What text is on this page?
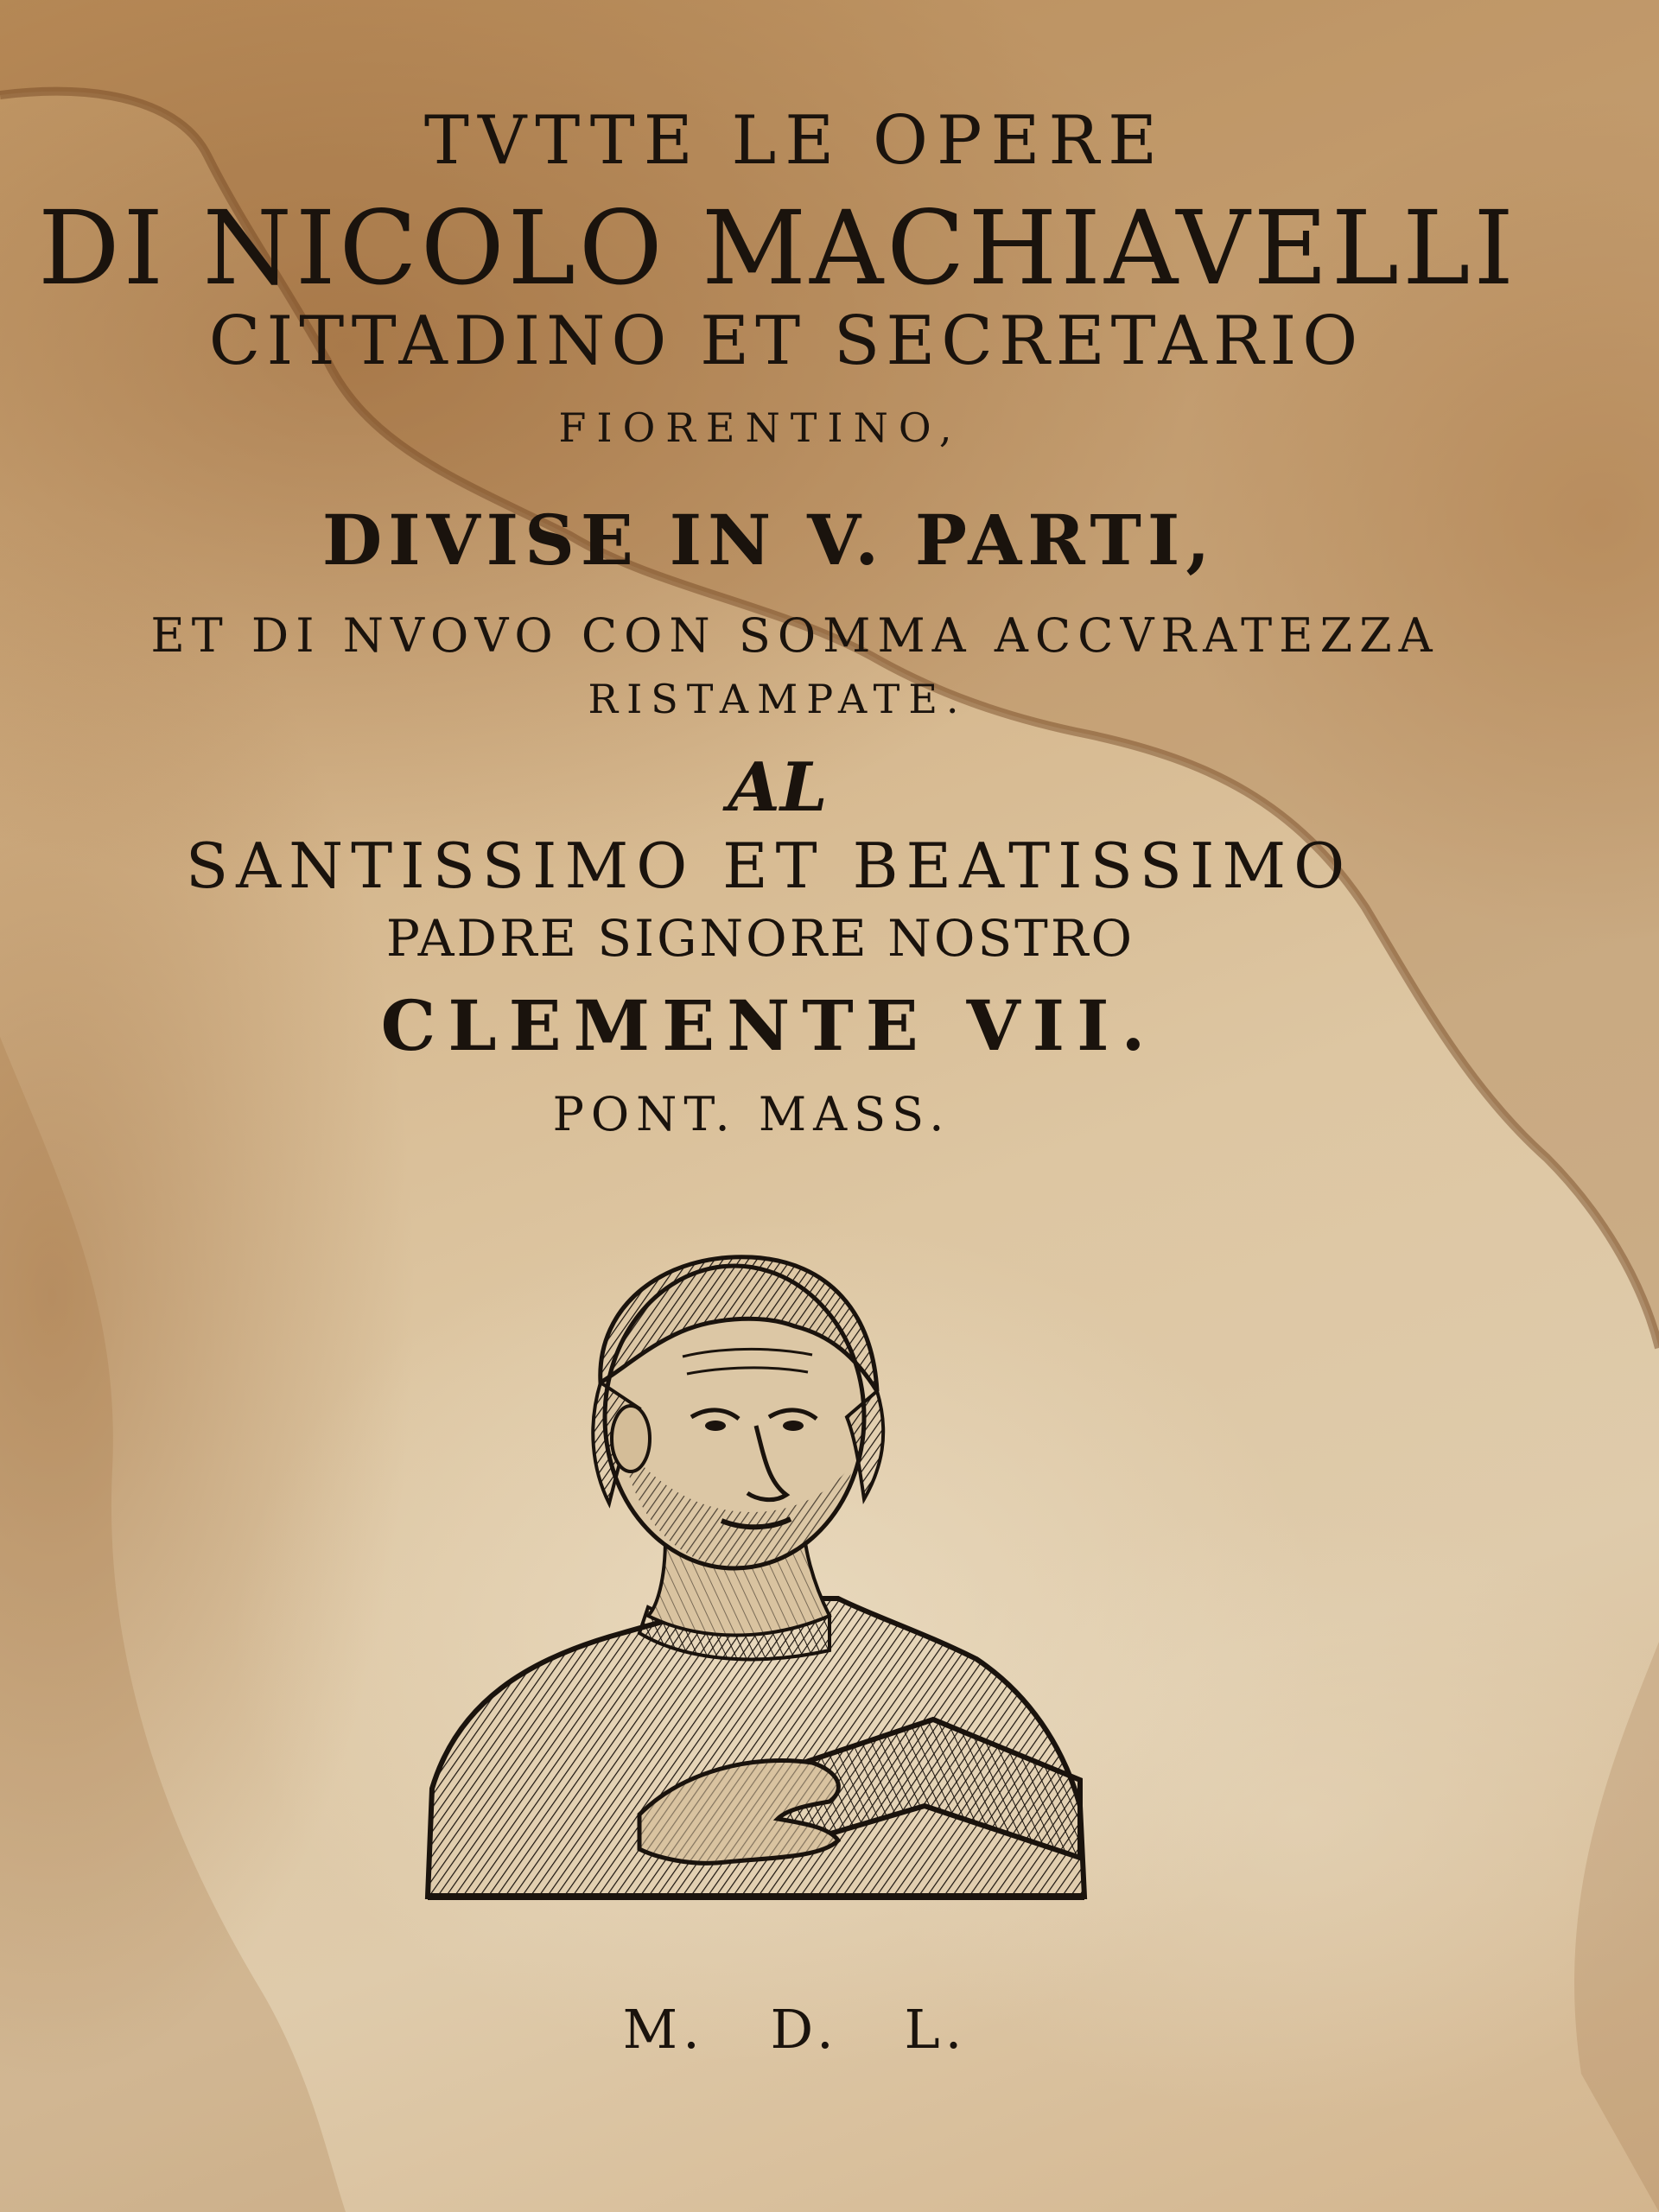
TVTTE LE OPERE
DI NICOLO MACHIAVELLI
CITTADINO ET SECRETARIO
FIORENTINO,
DIVISE IN V. PARTI,
ET DI NVOVO CON SOMMA ACCVRATEZZA
RISTAMPATE.
AL
SANTISSIMO ET BEATISSIMO
PADRE SIGNORE NOSTRO
CLEMENTE VII.
PONT. MASS.
M. D. L.
